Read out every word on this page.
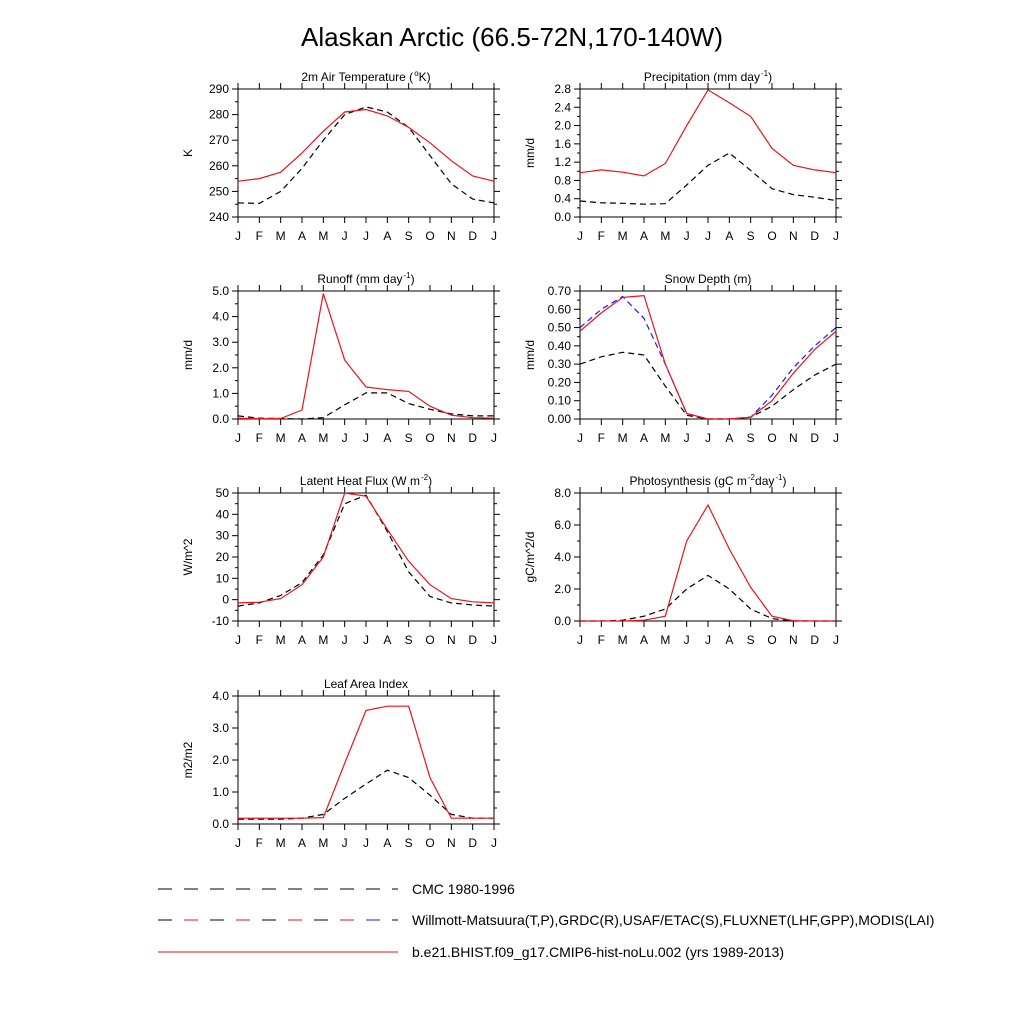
Alaskan Arctic (66.5-72N,170-140W)
2m Air Temperature (oK)
240
250
260
270
280
290
J F M A M J J A S O N D J
K
Precipitation (mm day-1)
0.0
0.4
0.8
1.2
1.6
2.0
2.4
2.8
J F M A M J J A S O N D J
mm/d
Runoff (mm day-1)
0.0
1.0
2.0
3.0
4.0
5.0
J F M A M J J A S O N D J
mm/d
Snow Depth (m)
0.00
0.10
0.20
0.30
0.40
0.50
0.60
0.70
J F M A M J J A S O N D J
mm/d
Latent Heat Flux (W m-2)
-10
0
10
20
30
40
50
J F M A M J J A S O N D J
W/m^2
Photosynthesis (gC m-2day-1)
0.0
2.0
4.0
6.0
8.0
J F M A M J J A S O N D J
gC/m^2/d
Leaf Area Index
0.0
1.0
2.0
3.0
4.0
J F M A M J J A S O N D J
m2/m2
CMC 1980-1996
Willmott-Matsuura(T,P),GRDC(R),USAF/ETAC(S),FLUXNET(LHF,GPP),MODIS(LAI)
b.e21.BHIST.f09_g17.CMIP6-hist-noLu.002 (yrs 1989-2013)
